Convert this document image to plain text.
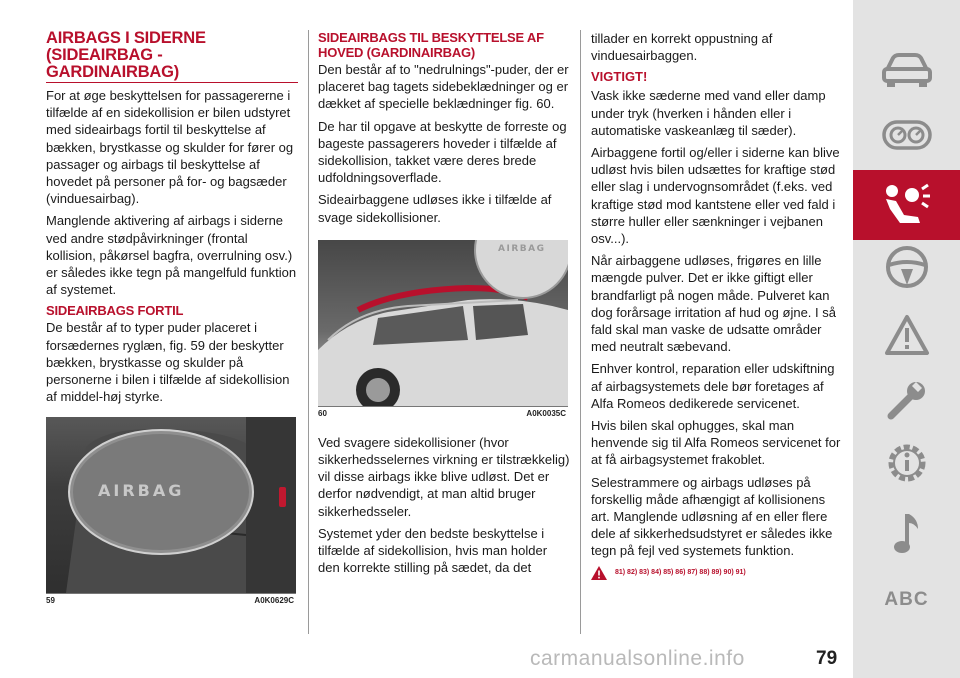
AIRBAGS I SIDERNE
(SIDEAIRBAG - GARDINAIRBAG)

For at øge beskyttelsen for passagererne i tilfælde af en sidekollision er bilen udstyret med sideairbags fortil til beskyttelse af bækken, brystkasse og skulder for fører og passager og airbags til beskyttelse af hovedet på personer på for- og bagsæder (vinduesairbag).

Manglende aktivering af airbags i siderne ved andre stødpåvirkninger (frontal kollision, påkørsel bagfra, overrulning osv.) er således ikke tegn på mangelfuld funktion af systemet.

SIDEAIRBAGS FORTIL

De består af to typer puder placeret i forsædernes ryglæn, fig. 59 der beskytter bækken, brystkasse og skulder på personerne i bilen i tilfælde af sidekollision af middel-høj styrke.

AIRBAG
59	A0K0629C
SIDEAIRBAGS TIL BESKYTTELSE AF
HOVED (GARDINAIRBAG)

Den består af to "nedrulnings"-puder, der er placeret bag tagets sidebeklædninger og er dækket af specielle beklædninger fig. 60.

De har til opgave at beskytte de forreste og bageste passagerers hoveder i tilfælde af sidekollision, takket være deres brede udfoldningsoverflade.

Sideairbaggene udløses ikke i tilfælde af svage sidekollisioner.

AIRBAG
60	A0K0035C

Ved svagere sidekollisioner (hvor sikkerhedsselernes virkning er tilstrækkelig) vil disse airbags ikke blive udløst. Det er derfor nødvendigt, at man altid bruger sikkerhedsseler.

Systemet yder den bedste beskyttelse i tilfælde af sidekollision, hvis man holder den korrekte stilling på sædet, da det

tillader en korrekt oppustning af vinduesairbaggen.

VIGTIGT!

Vask ikke sæderne med vand eller damp under tryk (hverken i hånden eller i automatiske vaskeanlæg til sæder).

Airbaggene fortil og/eller i siderne kan blive udløst hvis bilen udsættes for kraftige stød eller slag i undervognsområdet (f.eks. ved kraftige stød mod kantstene eller ved fald i større huller eller sænkninger i vejbanen osv...).

Når airbaggene udløses, frigøres en lille mængde pulver. Det er ikke giftigt eller brandfarligt på nogen måde. Pulveret kan dog forårsage irritation af hud og øjne. I så fald skal man vaske de udsatte områder med neutralt sæbevand.

Enhver kontrol, reparation eller udskiftning af airbagsystemets dele bør foretages af Alfa Romeos dedikerede servicenet.

Hvis bilen skal ophugges, skal man henvende sig til Alfa Romeos servicenet for at få airbagsystemet frakoblet.

Selestrammere og airbags udløses på forskellig måde afhængigt af kollisionens art. Manglende udløsning af en eller flere dele af sikkerhedsudstyret er således ikke tegn på fejl ved systemets funktion.

81) 82) 83) 84) 85) 86) 87) 88) 89) 90) 91)
ABC
carmanualsonline.info	79
